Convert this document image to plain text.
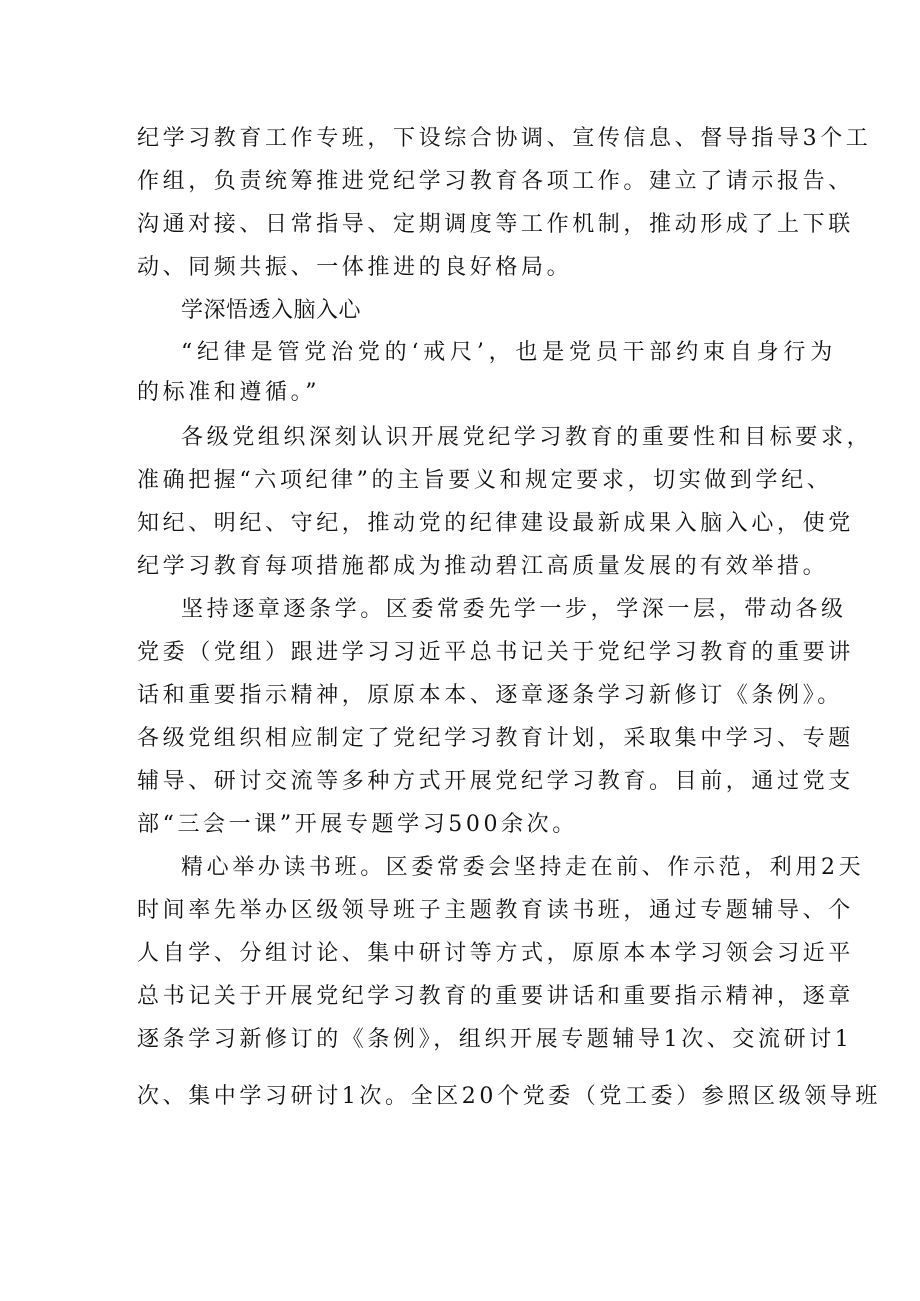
纪学习教育工作专班，下设综合协调、宣传信息、督导指导3个工
作组，负责统筹推进党纪学习教育各项工作。建立了请示报告、
沟通对接、日常指导、定期调度等工作机制，推动形成了上下联
动、同频共振、一体推进的良好格局。
学深悟透入脑入心
“纪律是管党治党的‘戒尺’，也是党员干部约束自身行为
的标准和遵循。”
各级党组织深刻认识开展党纪学习教育的重要性和目标要求，
准确把握“六项纪律”的主旨要义和规定要求，切实做到学纪、
知纪、明纪、守纪，推动党的纪律建设最新成果入脑入心，使党
纪学习教育每项措施都成为推动碧江高质量发展的有效举措。
坚持逐章逐条学。区委常委先学一步，学深一层，带动各级
党委（党组）跟进学习习近平总书记关于党纪学习教育的重要讲
话和重要指示精神，原原本本、逐章逐条学习新修订《条例》。
各级党组织相应制定了党纪学习教育计划，采取集中学习、专题
辅导、研讨交流等多种方式开展党纪学习教育。目前，通过党支
部“三会一课”开展专题学习500余次。
精心举办读书班。区委常委会坚持走在前、作示范，利用2天
时间率先举办区级领导班子主题教育读书班，通过专题辅导、个
人自学、分组讨论、集中研讨等方式，原原本本学习领会习近平
总书记关于开展党纪学习教育的重要讲话和重要指示精神，逐章
逐条学习新修订的《条例》，组织开展专题辅导1次、交流研讨1
次、集中学习研讨1次。全区20个党委（党工委）参照区级领导班
